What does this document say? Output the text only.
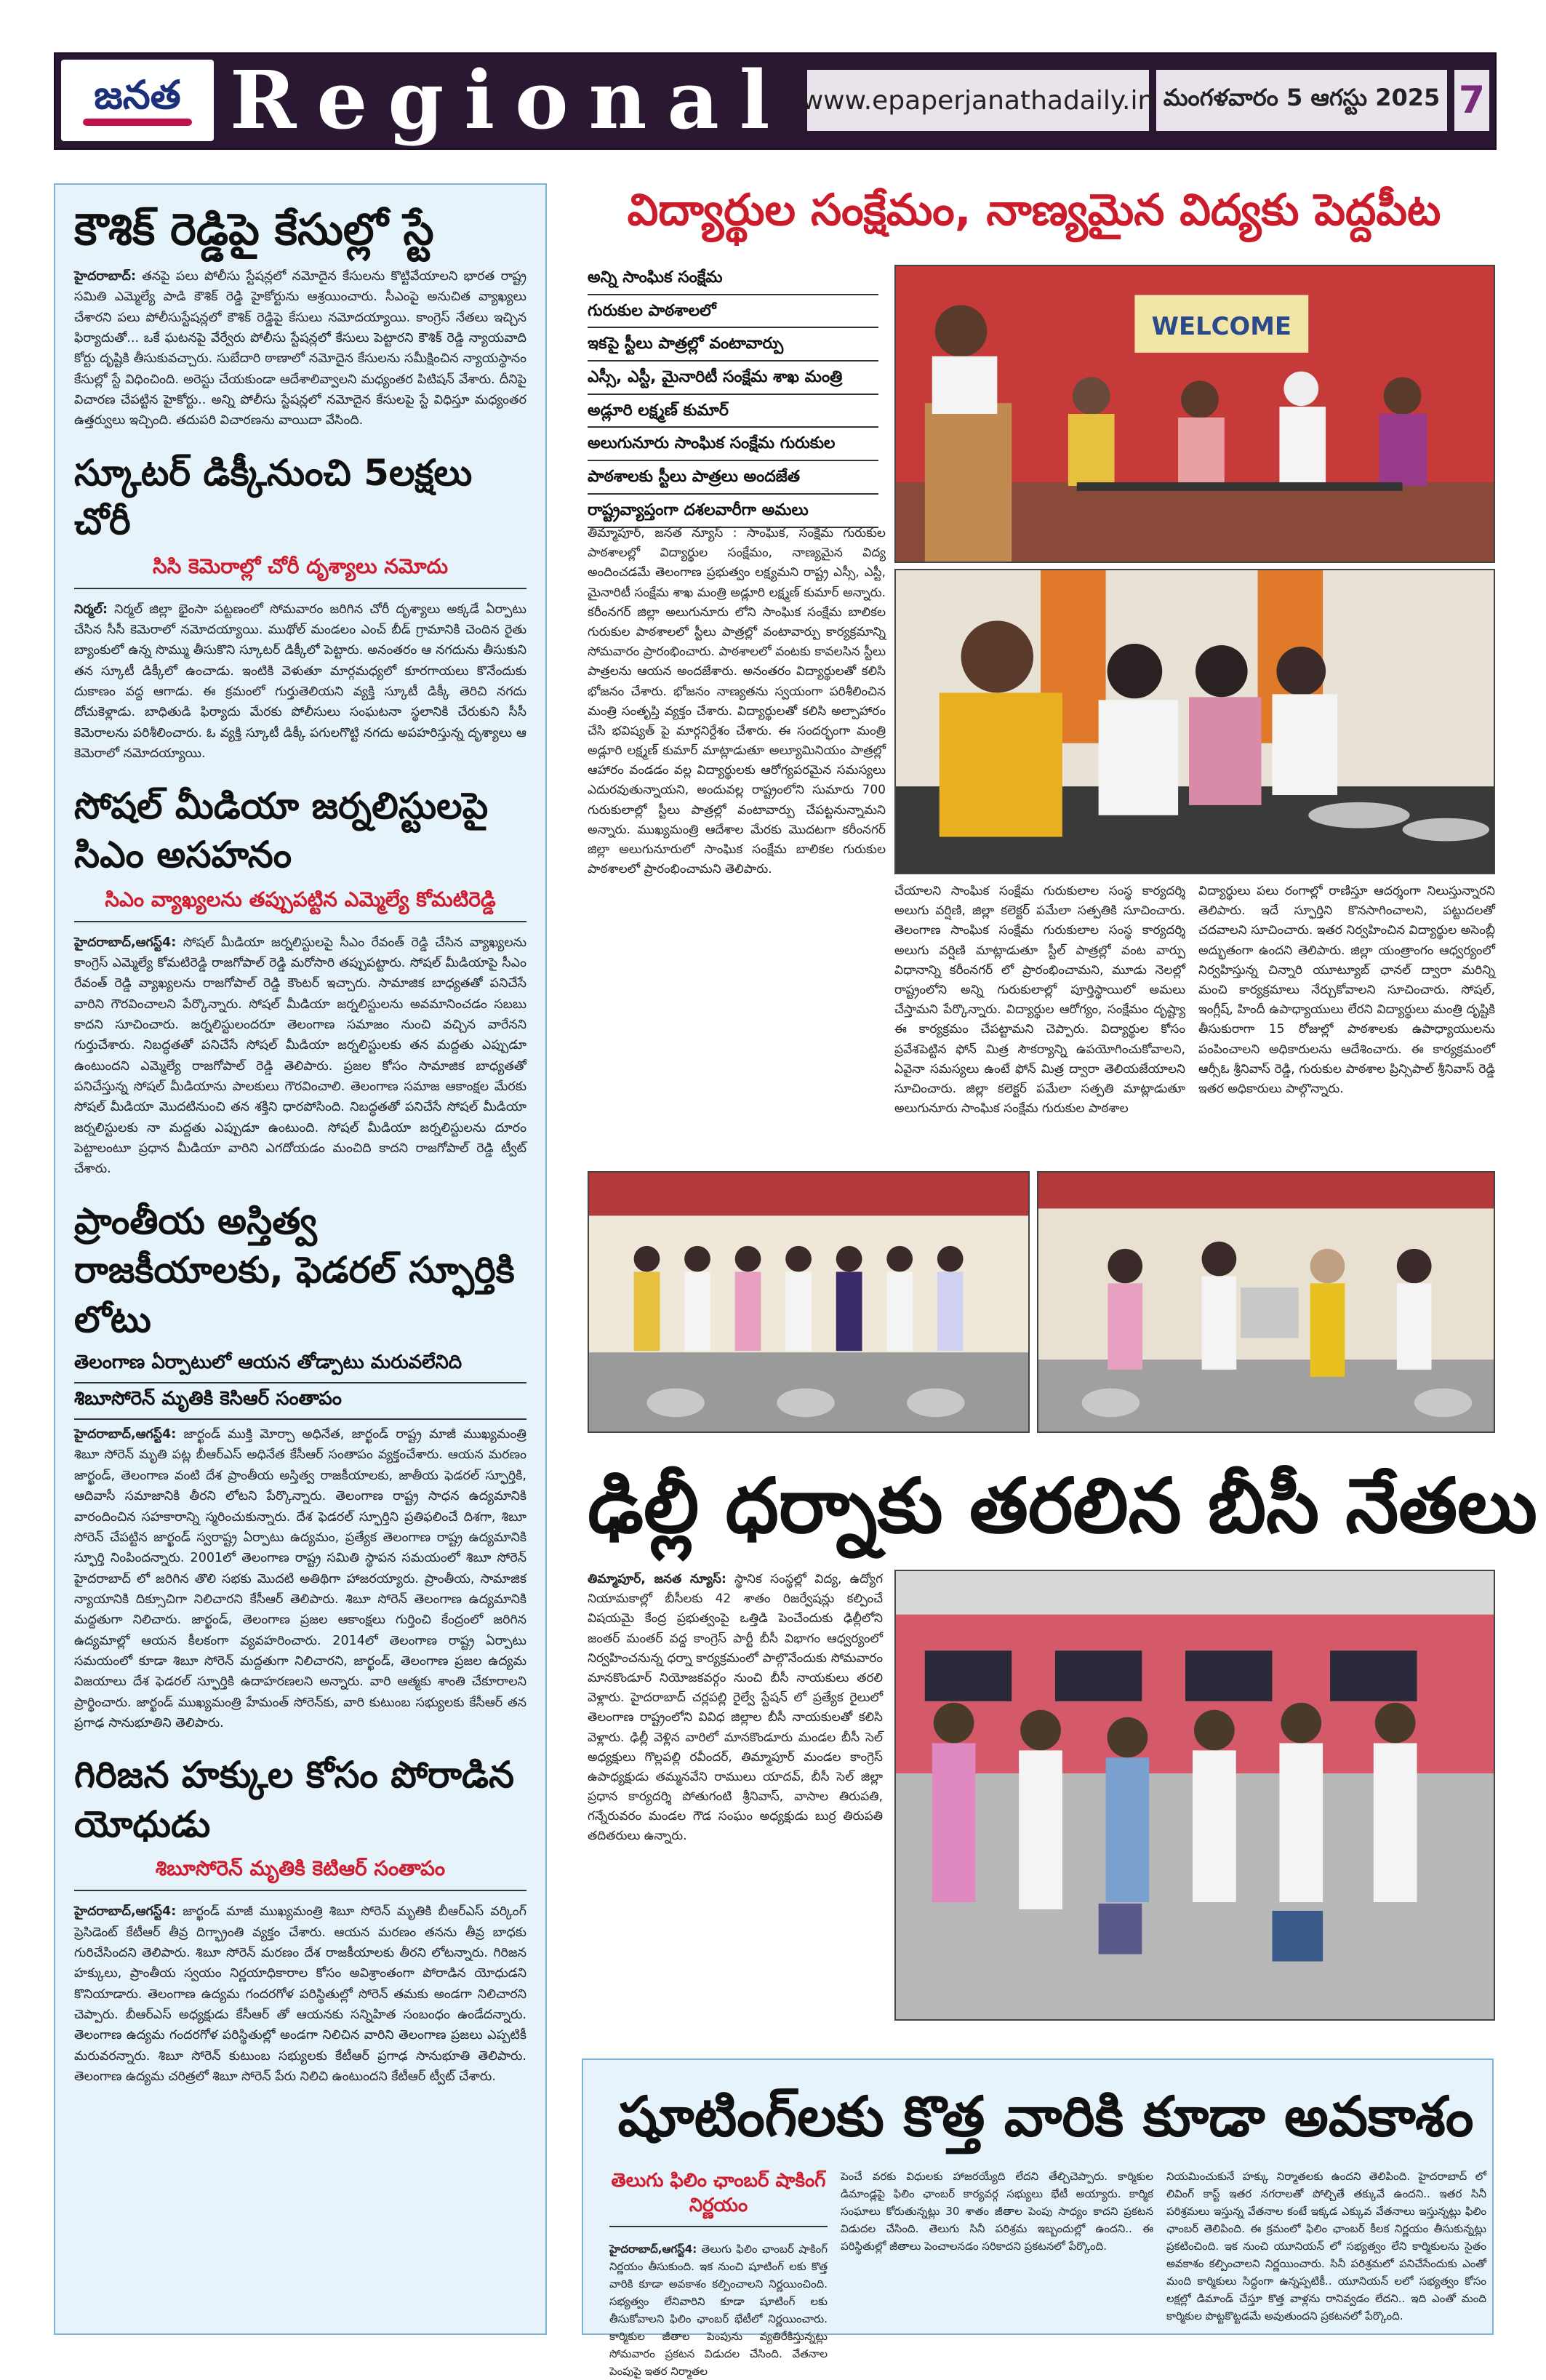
జనత Regional www.epaperjanathadaily.in మంగళవారం 5 ఆగస్టు 2025 7
కౌశిక్ రెడ్డిపై కేసుల్లో స్టే
హైదరాబాద్: తనపై పలు పోలీసు స్టేషన్లలో నమోదైన కేసులను కొట్టివేయాలని భారత రాష్ట్ర సమితి ఎమ్మెల్యే పాడి కౌశిక్ రెడ్డి హైకోర్టును ఆశ్రయించారు. సీఎంపై అనుచిత వ్యాఖ్యలు చేశారని పలు పోలీసుస్టేషన్లలో కౌశిక్ రెడ్డిపై కేసులు నమోదయ్యాయి. కాంగ్రెస్ నేతలు ఇచ్చిన ఫిర్యాదుతో... ఒకే ఘటనపై వేర్వేరు పోలీసు స్టేషన్లలో కేసులు పెట్టారని కౌశిక్ రెడ్డి న్యాయవాది కోర్టు దృష్టికి తీసుకువచ్చారు. సుబేదారి ఠాణాలో నమోదైన కేసులను సమీక్షించిన న్యాయస్థానం కేసుల్లో స్టే విధించింది. అరెస్టు చేయకుండా ఆదేశాలివ్వాలని మధ్యంతర పిటిషన్ వేశారు. దీనిపై విచారణ చేపట్టిన హైకోర్టు.. అన్ని పోలీసు స్టేషన్లలో నమోదైన కేసులపై స్టే విధిస్తూ మధ్యంతర ఉత్తర్వులు ఇచ్చింది. తదుపరి విచారణను వాయిదా వేసింది.
స్కూటర్ డిక్కీనుంచి 5లక్షలు చోరీ
సిసి కెమెరాల్లో చోరీ దృశ్యాలు నమోదు
నిర్మల్: నిర్మల్ జిల్లా భైంసా పట్టణంలో సోమవారం జరిగిన చోరీ దృశ్యాలు అక్కడే ఏర్పాటు చేసిన సీసీ కెమెరాలో నమోదయ్యాయి. ముథోల్ మండలం ఎంచ్ బీడ్ గ్రామానికి చెందిన రైతు బ్యాంకులో ఉన్న సొమ్ము తీసుకొని స్కూటర్ డిక్కీలో పెట్టారు. అనంతరం ఆ నగదును తీసుకుని తన స్కూటీ డిక్కీలో ఉంచాడు. ఇంటికి వెళుతూ మార్గమధ్యలో కూరగాయలు కొనేందుకు దుకాణం వద్ద ఆగాడు. ఈ క్రమంలో గుర్తుతెలియని వ్యక్తి స్కూటీ డిక్కీ తెరిచి నగదు దోచుకెళ్లాడు. బాధితుడి ఫిర్యాదు మేరకు పోలీసులు సంఘటనా స్థలానికి చేరుకుని సీసీ కెమెరాలను పరిశీలించారు. ఓ వ్యక్తి స్కూటీ డిక్కీ పగులగొట్టి నగదు అపహరిస్తున్న దృశ్యాలు ఆ కెమెరాలో నమోదయ్యాయి.
సోషల్ మీడియా జర్నలిస్టులపై సిఎం అసహనం
సిఎం వ్యాఖ్యలను తప్పుపట్టిన ఎమ్మెల్యే కోమటిరెడ్డి
హైదరాబాద్,ఆగస్ట్4: సోషల్ మీడియా జర్నలిస్టులపై సీఎం రేవంత్ రెడ్డి చేసిన వ్యాఖ్యలను కాంగ్రెస్ ఎమ్మెల్యే కోమటిరెడ్డి రాజగోపాల్ రెడ్డి మరోసారి తప్పుపట్టారు. సోషల్ మీడియాపై సీఎం రేవంత్ రెడ్డి వ్యాఖ్యలను రాజగోపాల్ రెడ్డి కౌంటర్ ఇచ్చారు. సామాజిక బాధ్యతతో పనిచేసే వారిని గౌరవించాలని పేర్కొన్నారు. సోషల్ మీడియా జర్నలిస్టులను అవమానించడం సబబు కాదని సూచించారు. జర్నలిస్టులందరూ తెలంగాణ సమాజం నుంచి వచ్చిన వారేనని గుర్తుచేశారు. నిబద్ధతతో పనిచేసే సోషల్ మీడియా జర్నలిస్టులకు తన మద్దతు ఎప్పుడూ ఉంటుందని ఎమ్మెల్యే రాజగోపాల్ రెడ్డి తెలిపారు. ప్రజల కోసం సామాజిక బాధ్యతతో పనిచేస్తున్న సోషల్ మీడియాను పాలకులు గౌరవించాలి. తెలంగాణ సమాజ ఆకాంక్షల మేరకు సోషల్ మీడియా మొదటినుంచి తన శక్తిని ధారపోసింది. నిబద్ధతతో పనిచేసే సోషల్ మీడియా జర్నలిస్టులకు నా మద్దతు ఎప్పుడూ ఉంటుంది. సోషల్ మీడియా జర్నలిస్టులను దూరం పెట్టాలంటూ ప్రధాన మీడియా వారిని ఎగదోయడం మంచిది కాదని రాజగోపాల్ రెడ్డి ట్వీట్ చేశారు.
ప్రాంతీయ అస్తిత్వ రాజకీయాలకు, ఫెడరల్ స్ఫూర్తికి లోటు
తెలంగాణ ఏర్పాటులో ఆయన తోడ్పాటు మరువలేనిది
శిబూసోరెన్ మృతికి కెసిఆర్ సంతాపం
హైదరాబాద్,ఆగస్ట్4: జార్ఖండ్ ముక్తి మోర్చా అధినేత, జార్ఖండ్ రాష్ట్ర మాజీ ముఖ్యమంత్రి శిబూ సోరెన్ మృతి పట్ల బీఆర్ఎస్ అధినేత కేసీఆర్ సంతాపం వ్యక్తంచేశారు. ఆయన మరణం జార్ఖండ్, తెలంగాణ వంటి దేశ ప్రాంతీయ అస్తిత్వ రాజకీయాలకు, జాతీయ ఫెడరల్ స్ఫూర్తికి, ఆదివాసీ సమాజానికి తీరని లోటని పేర్కొన్నారు. తెలంగాణ రాష్ట్ర సాధన ఉద్యమానికి వారందించిన సహకారాన్ని స్మరించుకున్నారు. దేశ ఫెడరల్ స్ఫూర్తిని ప్రతిఫలించే దిశగా, శిబూ సోరెన్ చేపట్టిన జార్ఖండ్ స్వరాష్ట్ర ఏర్పాటు ఉద్యమం, ప్రత్యేక తెలంగాణ రాష్ట్ర ఉద్యమానికి స్ఫూర్తి నింపిందన్నారు. 2001లో తెలంగాణ రాష్ట్ర సమితి స్థాపన సమయంలో శిబూ సోరెన్ హైదరాబాద్ లో జరిగిన తొలి సభకు మొదటి అతిథిగా హాజరయ్యారు. ప్రాంతీయ, సామాజిక న్యాయానికి దిక్సూచిగా నిలిచారని కేసీఆర్ తెలిపారు. శిబూ సోరెన్ తెలంగాణ ఉద్యమానికి మద్దతుగా నిలిచారు. జార్ఖండ్, తెలంగాణ ప్రజల ఆకాంక్షలు గుర్తించి కేంద్రంలో జరిగిన ఉద్యమాల్లో ఆయన కీలకంగా వ్యవహరించారు. 2014లో తెలంగాణ రాష్ట్ర ఏర్పాటు సమయంలో కూడా శిబూ సోరెన్ మద్దతుగా నిలిచారని, జార్ఖండ్, తెలంగాణ ప్రజల ఉద్యమ విజయాలు దేశ ఫెడరల్ స్ఫూర్తికి ఉదాహరణలని అన్నారు. వారి ఆత్మకు శాంతి చేకూరాలని ప్రార్థించారు. జార్ఖండ్ ముఖ్యమంత్రి హేమంత్ సోరెన్‌కు, వారి కుటుంబ సభ్యులకు కేసీఆర్ తన ప్రగాఢ సానుభూతిని తెలిపారు.
గిరిజన హక్కుల కోసం పోరాడిన యోధుడు
శిబూసోరెన్ మృతికి కెటిఆర్ సంతాపం
హైదరాబాద్,ఆగస్ట్4: జార్ఖండ్ మాజీ ముఖ్యమంత్రి శిబూ సోరెన్ మృతికి బీఆర్ఎస్ వర్కింగ్ ప్రెసిడెంట్ కేటీఆర్ తీవ్ర దిగ్భ్రాంతి వ్యక్తం చేశారు. ఆయన మరణం తనను తీవ్ర బాధకు గురిచేసిందని తెలిపారు. శిబూ సోరెన్ మరణం దేశ రాజకీయాలకు తీరని లోటన్నారు. గిరిజన హక్కులు, ప్రాంతీయ స్వయం నిర్ణయాధికారాల కోసం అవిశ్రాంతంగా పోరాడిన యోధుడని కొనియాడారు. తెలంగాణ ఉద్యమ గందరగోళ పరిస్థితుల్లో సోరెన్ తమకు అండగా నిలిచారని చెప్పారు. బీఆర్ఎస్ అధ్యక్షుడు కేసీఆర్ తో ఆయనకు సన్నిహిత సంబంధం ఉండేదన్నారు. తెలంగాణ ఉద్యమ గందరగోళ పరిస్థితుల్లో అండగా నిలిచిన వారిని తెలంగాణ ప్రజలు ఎప్పటికీ మరువరన్నారు. శిబూ సోరెన్ కుటుంబ సభ్యులకు కేటీఆర్ ప్రగాఢ సానుభూతి తెలిపారు. తెలంగాణ ఉద్యమ చరిత్రలో శిబూ సోరెన్ పేరు నిలిచి ఉంటుందని కేటీఆర్ ట్వీట్ చేశారు.
విద్యార్థుల సంక్షేమం, నాణ్యమైన విద్యకు పెద్దపీట
అన్ని సాంఘిక సంక్షేమ
గురుకుల పాఠశాలలో
ఇకపై స్టీలు పాత్రల్లో వంటావార్పు
ఎస్సీ, ఎస్టీ, మైనారిటీ సంక్షేమ శాఖ మంత్రి
అడ్లూరి లక్ష్మణ్ కుమార్
అలుగునూరు సాంఘిక సంక్షేమ గురుకుల
పాఠశాలకు స్టీలు పాత్రలు అందజేత
రాష్ట్రవ్యాప్తంగా దశలవారీగా అమలు
WELCOME
తిమ్మాపూర్, జనత న్యూస్ : సాంఘిక, సంక్షేమ గురుకుల పాఠశాలల్లో విద్యార్థుల సంక్షేమం, నాణ్యమైన విద్య అందించడమే తెలంగాణ ప్రభుత్వం లక్ష్యమని రాష్ట్ర ఎస్సీ, ఎస్టీ, మైనారిటీ సంక్షేమ శాఖ మంత్రి అడ్లూరి లక్ష్మణ్ కుమార్ అన్నారు. కరీంనగర్ జిల్లా అలుగునూరు లోని సాంఘిక సంక్షేమ బాలికల గురుకుల పాఠశాలలో స్టీలు పాత్రల్లో వంటావార్పు కార్యక్రమాన్ని సోమవారం ప్రారంభించారు. పాఠశాలలో వంటకు కావలసిన స్టీలు పాత్రలను ఆయన అందజేశారు. అనంతరం విద్యార్థులతో కలిసి భోజనం చేశారు. భోజనం నాణ్యతను స్వయంగా పరిశీలించిన మంత్రి సంతృప్తి వ్యక్తం చేశారు. విద్యార్థులతో కలిసి అల్పాహారం చేసి భవిష్యత్ పై మార్గనిర్దేశం చేశారు. ఈ సందర్భంగా మంత్రి అడ్లూరి లక్ష్మణ్ కుమార్ మాట్లాడుతూ అల్యూమినియం పాత్రల్లో ఆహారం వండడం వల్ల విద్యార్థులకు ఆరోగ్యపరమైన సమస్యలు ఎదురవుతున్నాయని, అందువల్ల రాష్ట్రంలోని సుమారు 700 గురుకులాల్లో స్టీలు పాత్రల్లో వంటావార్పు చేపట్టనున్నామని అన్నారు. ముఖ్యమంత్రి ఆదేశాల మేరకు మొదటగా కరీంనగర్ జిల్లా అలుగునూరులో సాంఘిక సంక్షేమ బాలికల గురుకుల పాఠశాలలో ప్రారంభించామని తెలిపారు.
చేయాలని సాంఘిక సంక్షేమ గురుకులాల సంస్థ కార్యదర్శి అలుగు వర్షిణి, జిల్లా కలెక్టర్ పమేలా సత్పతికి సూచించారు. తెలంగాణ సాంఘిక సంక్షేమ గురుకులాల సంస్థ కార్యదర్శి అలుగు వర్షిణి మాట్లాడుతూ స్టీల్ పాత్రల్లో వంట వార్పు విధానాన్ని కరీంనగర్ లో ప్రారంభించామని, మూడు నెలల్లో రాష్ట్రంలోని అన్ని గురుకులాల్లో పూర్తిస్థాయిలో అమలు చేస్తామని పేర్కొన్నారు. విద్యార్థుల ఆరోగ్యం, సంక్షేమం దృష్ట్యా ఈ కార్యక్రమం చేపట్టామని చెప్పారు. విద్యార్థుల కోసం ప్రవేశపెట్టిన ఫోన్ మిత్ర సౌకర్యాన్ని ఉపయోగించుకోవాలని, ఏవైనా సమస్యలు ఉంటే ఫోన్ మిత్ర ద్వారా తెలియజేయాలని సూచించారు. జిల్లా కలెక్టర్ పమేలా సత్పతి మాట్లాడుతూ అలుగునూరు సాంఘిక సంక్షేమ గురుకుల పాఠశాల
విద్యార్థులు పలు రంగాల్లో రాణిస్తూ ఆదర్శంగా నిలుస్తున్నారని తెలిపారు. ఇదే స్ఫూర్తిని కొనసాగించాలని, పట్టుదలతో చదవాలని సూచించారు. ఇతర నిర్వహించిన విద్యార్థుల అసెంబ్లీ అద్భుతంగా ఉందని తెలిపారు. జిల్లా యంత్రాంగం ఆధ్వర్యంలో నిర్వహిస్తున్న చిన్నారి యూట్యూబ్ ఛానల్ ద్వారా మరిన్ని మంచి కార్యక్రమాలు నేర్చుకోవాలని సూచించారు. సోషల్, ఇంగ్లీష్, హిందీ ఉపాధ్యాయులు లేరని విద్యార్థులు మంత్రి దృష్టికి తీసుకురాగా 15 రోజుల్లో పాఠశాలకు ఉపాధ్యాయులను పంపించాలని అధికారులను ఆదేశించారు. ఈ కార్యక్రమంలో ఆర్సీఓ శ్రీనివాస్ రెడ్డి, గురుకుల పాఠశాల ప్రిన్సిపాల్ శ్రీనివాస్ రెడ్డి ఇతర అధికారులు పాల్గొన్నారు.
ఢిల్లీ ధర్నాకు తరలిన బీసీ నేతలు
తిమ్మాపూర్, జనత న్యూస్: స్థానిక సంస్థల్లో విద్య, ఉద్యోగ నియామకాల్లో బీసీలకు 42 శాతం రిజర్వేషన్లు కల్పించే విషయమై కేంద్ర ప్రభుత్వంపై ఒత్తిడి పెంచేందుకు ఢిల్లీలోని జంతర్ మంతర్ వద్ద కాంగ్రెస్ పార్టీ బీసీ విభాగం ఆధ్వర్యంలో నిర్వహించనున్న ధర్నా కార్యక్రమంలో పాల్గొనేందుకు సోమవారం మానకొండూర్ నియోజకవర్గం నుంచి బీసీ నాయకులు తరలి వెళ్లారు. హైదరాబాద్ చర్లపల్లి రైల్వే స్టేషన్ లో ప్రత్యేక రైలులో తెలంగాణ రాష్ట్రంలోని వివిధ జిల్లాల బీసీ నాయకులతో కలిసి వెళ్లారు. ఢిల్లీ వెళ్లిన వారిలో మానకొండూరు మండల బీసీ సెల్ అధ్యక్షులు గొల్లపల్లి రవీందర్, తిమ్మాపూర్ మండల కాంగ్రెస్ ఉపాధ్యక్షుడు తమ్మనవేని రాములు యాదవ్, బీసీ సెల్ జిల్లా ప్రధాన కార్యదర్శి పోతుగంటి శ్రీనివాస్, వాసాల తిరుపతి, గన్నేరువరం మండల గౌడ సంఘం అధ్యక్షుడు బుర్ర తిరుపతి తదితరులు ఉన్నారు.
షూటింగ్‌లకు కొత్త వారికి కూడా అవకాశం
తెలుగు ఫిలిం ఛాంబర్ షాకింగ్ నిర్ణయం
హైదరాబాద్,ఆగస్ట్4: తెలుగు ఫిలిం ఛాంబర్ షాకింగ్ నిర్ణయం తీసుకుంది. ఇక నుంచి షూటింగ్ లకు కొత్త వారికి కూడా అవకాశం కల్పించాలని నిర్ణయించింది. సభ్యత్వం లేనివారిని కూడా షూటింగ్ లకు తీసుకోవాలని ఫిలిం ఛాంబర్ భేటీలో నిర్ణయించారు. కార్మికుల జీతాల పెంపును వ్యతిరేకిస్తున్నట్లు సోమవారం ప్రకటన విడుదల చేసింది. వేతనాల పెంపుపై ఇతర నిర్మాతల
పెంచే వరకు విధులకు హాజరయ్యేది లేదని తేల్చిచెప్పారు. కార్మికుల డిమాండ్లపై ఫిలిం ఛాంబర్ కార్యవర్గ సభ్యులు భేటీ అయ్యారు. కార్మిక సంఘాలు కోరుతున్నట్లు 30 శాతం జీతాల పెంపు సాధ్యం కాదని ప్రకటన విడుదల చేసింది. తెలుగు సినీ పరిశ్రమ ఇబ్బందుల్లో ఉందని.. ఈ పరిస్థితుల్లో జీతాలు పెంచాలనడం సరికాదని ప్రకటనలో పేర్కొంది.
నియమించుకునే హక్కు నిర్మాతలకు ఉందని తెలిపింది. హైదరాబాద్ లో లివింగ్ కాస్ట్ ఇతర నగరాలతో పోల్చితే తక్కువే ఉందని.. ఇతర సినీ పరిశ్రమలు ఇస్తున్న వేతనాల కంటే ఇక్కడ ఎక్కువ వేతనాలు ఇస్తున్నట్లు ఫిలిం ఛాంబర్ తెలిపింది. ఈ క్రమంలో ఫిలిం ఛాంబర్ కీలక నిర్ణయం తీసుకున్నట్లు ప్రకటించింది. ఇక నుంచి యూనియన్ లో సభ్యత్వం లేని కార్మికులను సైతం అవకాశం కల్పించాలని నిర్ణయించారు. సినీ పరిశ్రమలో పనిచేసేందుకు ఎంతో మంది కార్మికులు సిద్ధంగా ఉన్నప్పటికీ.. యూనియన్ లలో సభ్యత్వం కోసం లక్షల్లో డిమాండ్ చేస్తూ కొత్త వాళ్లను రానివ్వడం లేదని.. ఇది ఎంతో మంది కార్మికుల పొట్టకొట్టడమే అవుతుందని ప్రకటనలో పేర్కొంది.
